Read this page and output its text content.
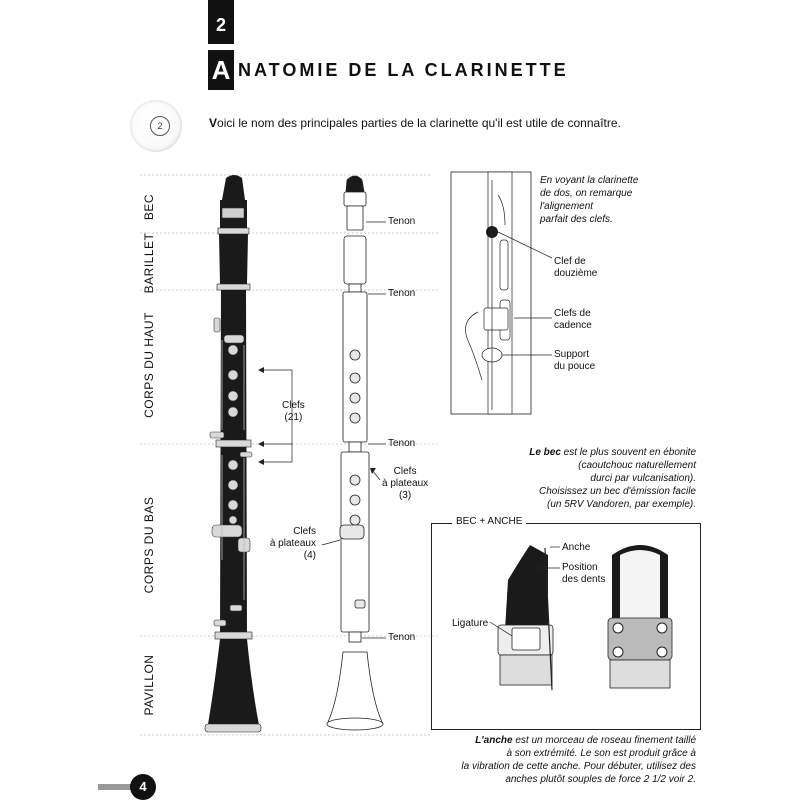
2
A NATOMIE DE LA CLARINETTE
2	Voici le nom des principales parties de la clarinette qu'il est utile de connaître.
BEC
BARILLET
CORPS DU HAUT
CORPS DU BAS
PAVILLON
Tenon
Tenon
Tenon
Tenon
Clefs
(21)
Clefs
à plateaux
(3)
Clefs
à plateaux
(4)
En voyant la clarinette
de dos, on remarque
l'alignement
parfait des clefs.
Clef de
douzième
Clefs de
cadence
Support
du pouce
Le bec est le plus souvent en ébonite
(caoutchouc naturellement
durci par vulcanisation).
Choisissez un bec d'émission facile
(un 5RV Vandoren, par exemple).
BEC + ANCHE
Anche
Position
des dents
Ligature
L'anche est un morceau de roseau finement taillé
à son extrémité. Le son est produit grâce à
la vibration de cette anche. Pour débuter, utilisez des
anches plutôt souples de force 2 1/2 voir 2.
4
